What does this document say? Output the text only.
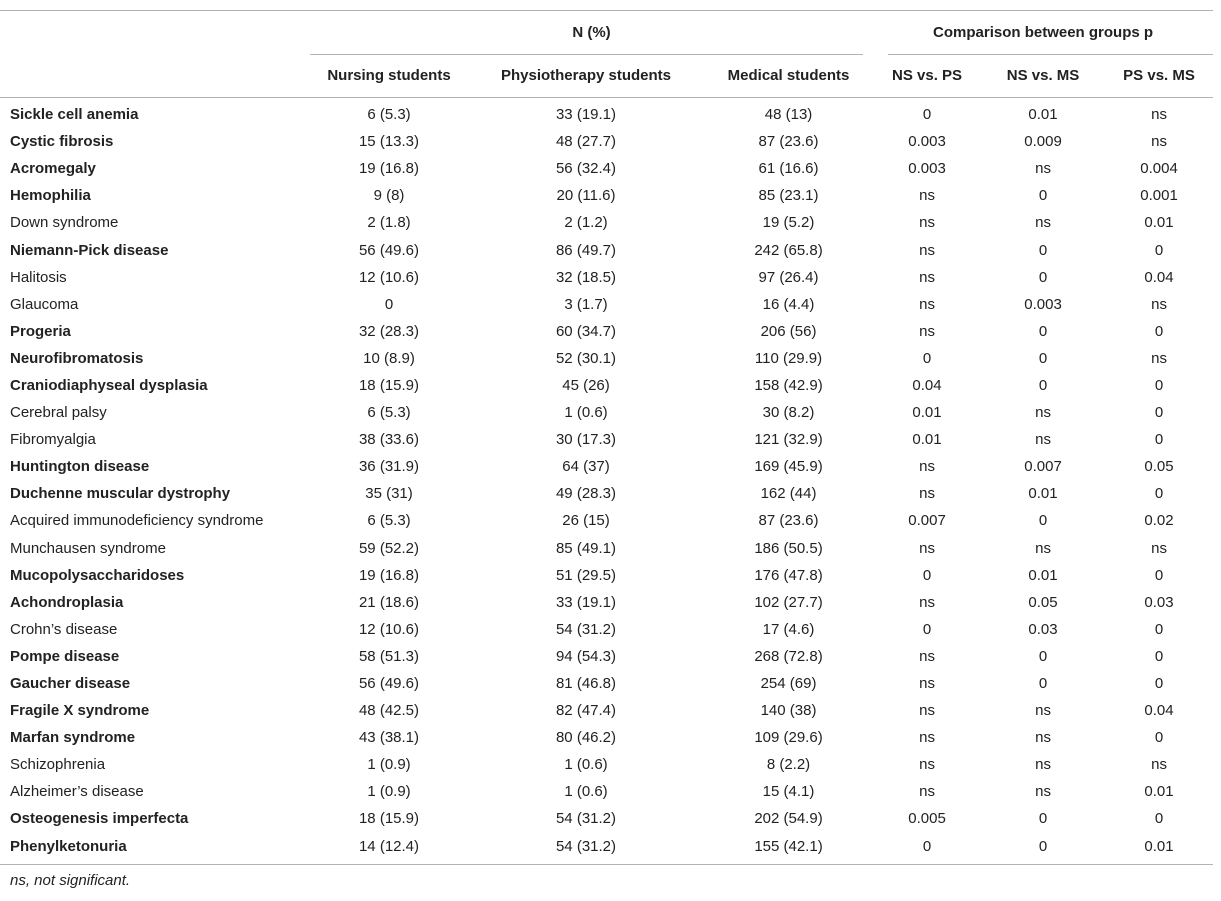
	N (%)			Comparison between groups p		
	Nursing students	Physiotherapy students	Medical students	NS vs. PS	NS vs. MS	PS vs. MS
Sickle cell anemia	6 (5.3)	33 (19.1)	48 (13)	0	0.01	ns
Cystic fibrosis	15 (13.3)	48 (27.7)	87 (23.6)	0.003	0.009	ns
Acromegaly	19 (16.8)	56 (32.4)	61 (16.6)	0.003	ns	0.004
Hemophilia	9 (8)	20 (11.6)	85 (23.1)	ns	0	0.001
Down syndrome	2 (1.8)	2 (1.2)	19 (5.2)	ns	ns	0.01
Niemann-Pick disease	56 (49.6)	86 (49.7)	242 (65.8)	ns	0	0
Halitosis	12 (10.6)	32 (18.5)	97 (26.4)	ns	0	0.04
Glaucoma	0	3 (1.7)	16 (4.4)	ns	0.003	ns
Progeria	32 (28.3)	60 (34.7)	206 (56)	ns	0	0
Neurofibromatosis	10 (8.9)	52 (30.1)	110 (29.9)	0	0	ns
Craniodiaphyseal dysplasia	18 (15.9)	45 (26)	158 (42.9)	0.04	0	0
Cerebral palsy	6 (5.3)	1 (0.6)	30 (8.2)	0.01	ns	0
Fibromyalgia	38 (33.6)	30 (17.3)	121 (32.9)	0.01	ns	0
Huntington disease	36 (31.9)	64 (37)	169 (45.9)	ns	0.007	0.05
Duchenne muscular dystrophy	35 (31)	49 (28.3)	162 (44)	ns	0.01	0
Acquired immunodeficiency syndrome	6 (5.3)	26 (15)	87 (23.6)	0.007	0	0.02
Munchausen syndrome	59 (52.2)	85 (49.1)	186 (50.5)	ns	ns	ns
Mucopolysaccharidoses	19 (16.8)	51 (29.5)	176 (47.8)	0	0.01	0
Achondroplasia	21 (18.6)	33 (19.1)	102 (27.7)	ns	0.05	0.03
Crohn’s disease	12 (10.6)	54 (31.2)	17 (4.6)	0	0.03	0
Pompe disease	58 (51.3)	94 (54.3)	268 (72.8)	ns	0	0
Gaucher disease	56 (49.6)	81 (46.8)	254 (69)	ns	0	0
Fragile X syndrome	48 (42.5)	82 (47.4)	140 (38)	ns	ns	0.04
Marfan syndrome	43 (38.1)	80 (46.2)	109 (29.6)	ns	ns	0
Schizophrenia	1 (0.9)	1 (0.6)	8 (2.2)	ns	ns	ns
Alzheimer’s disease	1 (0.9)	1 (0.6)	15 (4.1)	ns	ns	0.01
Osteogenesis imperfecta	18 (15.9)	54 (31.2)	202 (54.9)	0.005	0	0
Phenylketonuria	14 (12.4)	54 (31.2)	155 (42.1)	0	0	0.01
ns, not significant.
